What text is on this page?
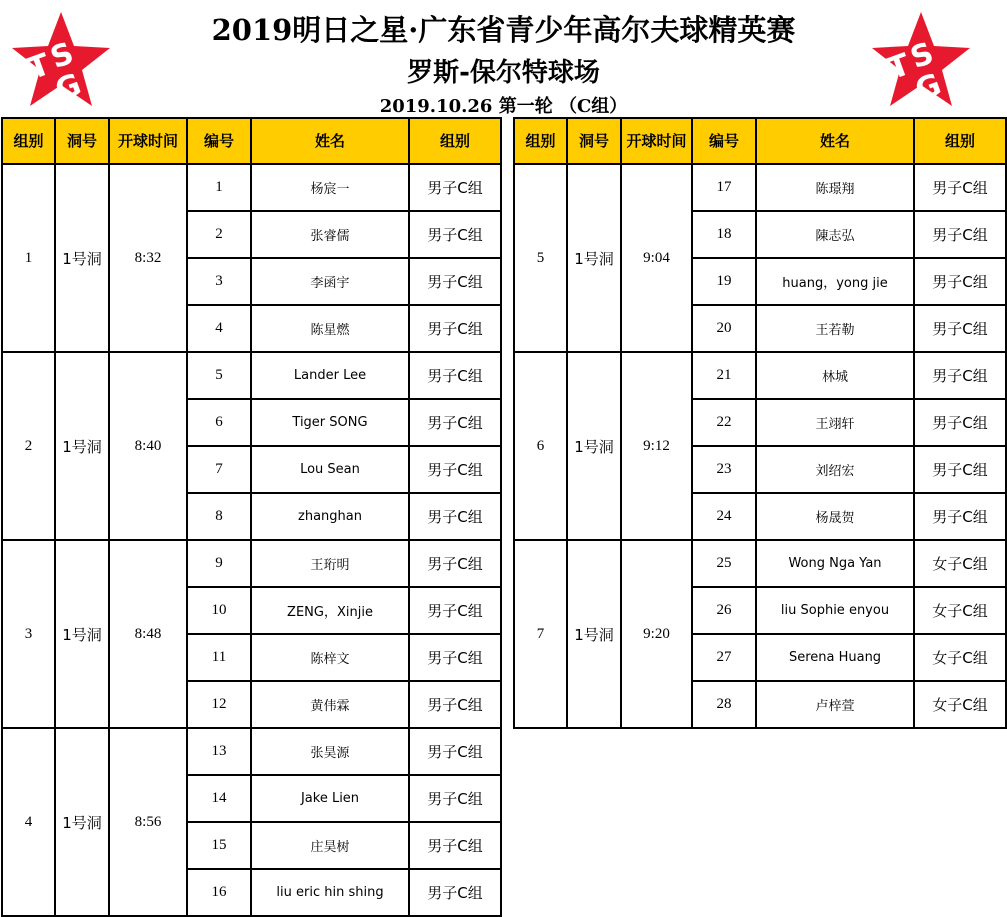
T
S
G	T
S
G
2019明日之星·广东省青少年高尔夫球精英赛
罗斯-保尔特球场
2019.10.26 第一轮 （C组）
组别	洞号	开球时间	编号	姓名	组别
1	1号洞	8:32	1	杨宸一	男子C组
			2	张睿儒	男子C组
			3	李函宇	男子C组
			4	陈星燃	男子C组
2	1号洞	8:40	5	Lander Lee	男子C组
			6	Tiger SONG	男子C组
			7	Lou Sean	男子C组
			8	zhanghan	男子C组
3	1号洞	8:48	9	王珩明	男子C组
			10	ZENG，Xinjie	男子C组
			11	陈梓文	男子C组
			12	黄伟霖	男子C组
4	1号洞	8:56	13	张昊源	男子C组
			14	Jake Lien	男子C组
			15	庄昊树	男子C组
			16	liu eric hin shing	男子C组
组别	洞号	开球时间	编号	姓名	组别
5	1号洞	9:04	17	陈璟翔	男子C组
			18	陳志弘	男子C组
			19	huang，yong jie	男子C组
			20	王若勒	男子C组
6	1号洞	9:12	21	林城	男子C组
			22	王翊轩	男子C组
			23	刘绍宏	男子C组
			24	杨晟贺	男子C组
7	1号洞	9:20	25	Wong Nga Yan	女子C组
			26	liu Sophie enyou	女子C组
			27	Serena Huang	女子C组
			28	卢梓萱	女子C组
